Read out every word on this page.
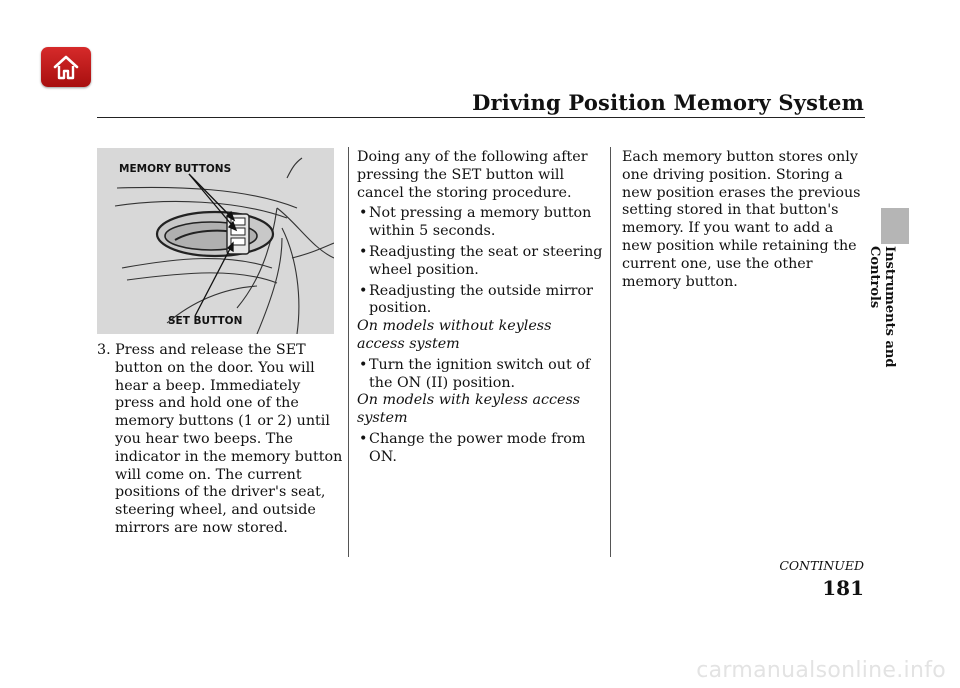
Driving Position Memory System
Instruments and Controls
MEMORY BUTTONS
SET BUTTON

3. Press and release the SET button on the door. You will hear a beep. Immediately press and hold one of the memory buttons (1 or 2) until you hear two beeps. The indicator in the memory button will come on. The current positions of the driver's seat, steering wheel, and outside mirrors are now stored.

Doing any of the following after pressing the SET button will cancel the storing procedure.

• Not pressing a memory button within 5 seconds.
• Readjusting the seat or steering wheel position.
• Readjusting the outside mirror position.

On models without keyless access system

• Turn the ignition switch out of the ON (II) position.

On models with keyless access system

• Change the power mode from ON.

Each memory button stores only one driving position. Storing a new position erases the previous setting stored in that button's memory. If you want to add a new position while retaining the current one, use the other memory button.

CONTINUED
181
carmanualsonline.info
